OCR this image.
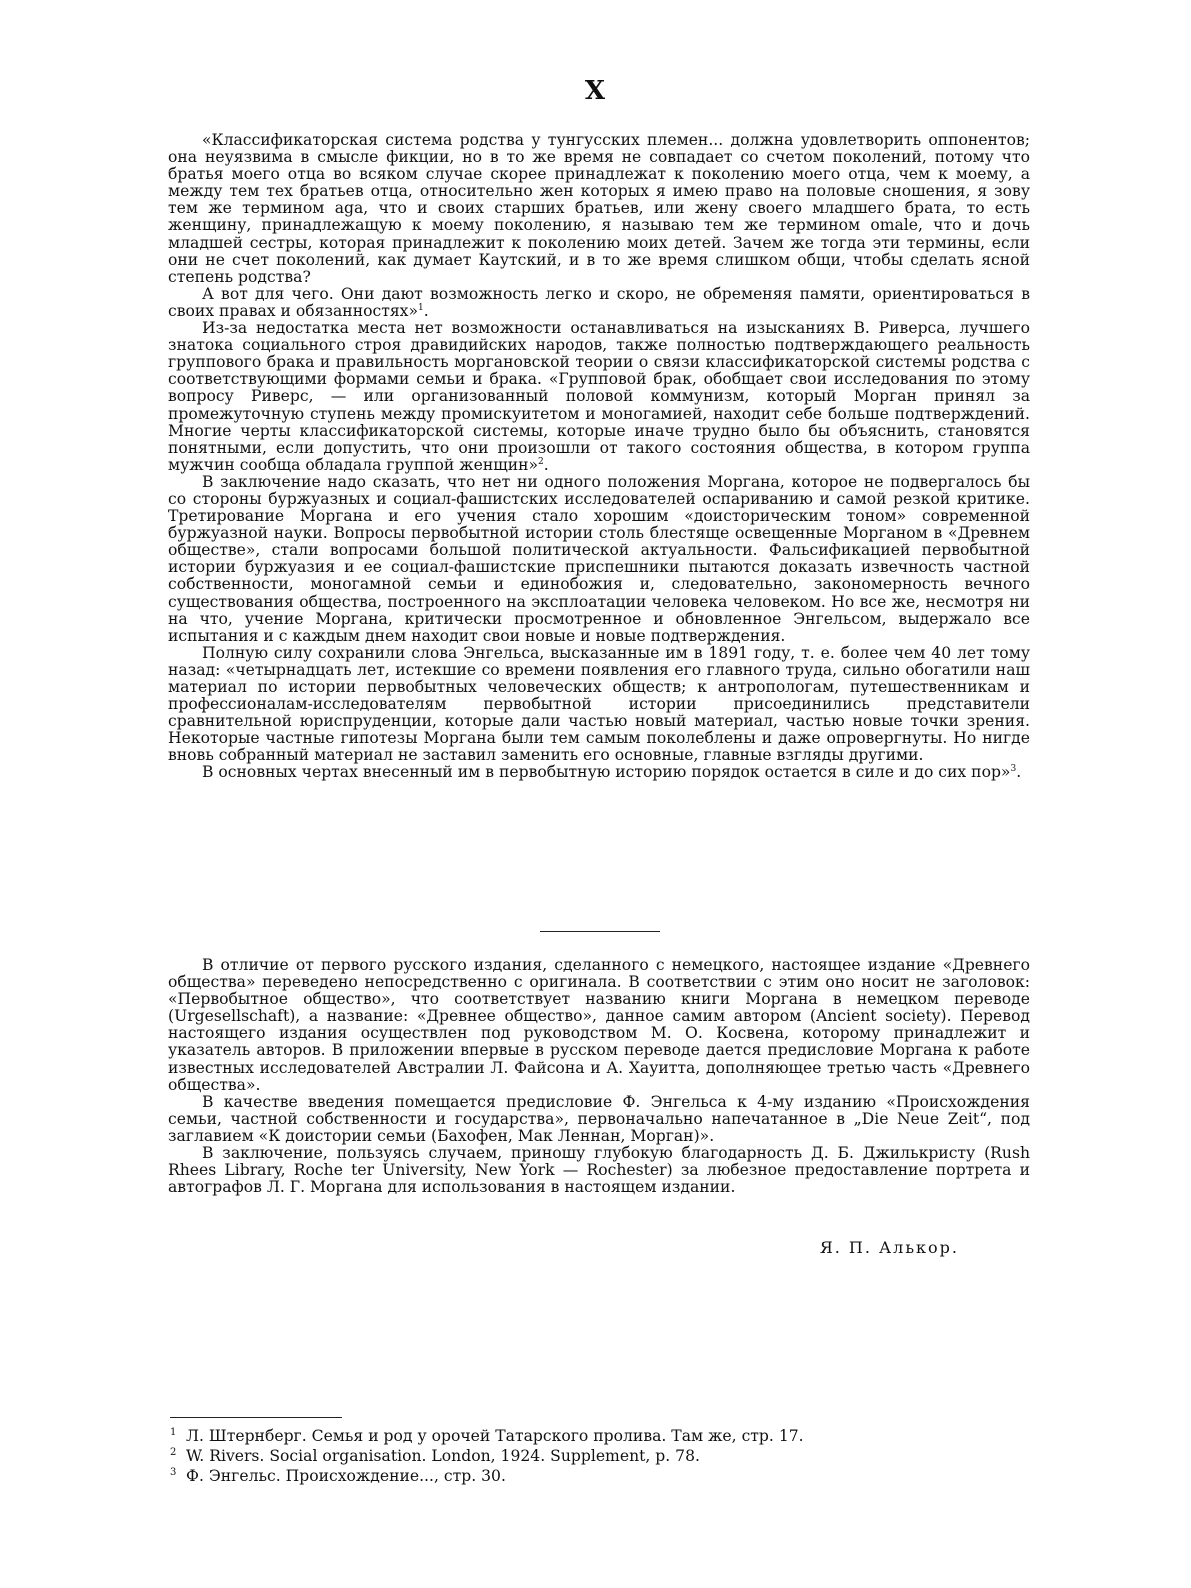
X

«Классификаторская система родства у тунгусских племен... должна удовлетворить оппонентов; она неуязвима в смысле фикции, но в то же время не совпадает со счетом поколений, потому что братья моего отца во всяком случае скорее принадлежат к поколению моего отца, чем к моему, а между тем тех братьев отца, относительно жен которых я имею право на половые сношения, я зову тем же термином aga, что и своих старших братьев, или жену своего младшего брата, то есть женщину, принадлежащую к моему поколению, я называю тем же термином omale, что и дочь младшей сестры, которая принадлежит к поколению моих детей. Зачем же тогда эти термины, если они не счет поколений, как думает Каутский, и в то же время слишком общи, чтобы сделать ясной степень родства?

А вот для чего. Они дают возможность легко и скоро, не обременяя памяти, ориентироваться в своих правах и обязанностях»$^1$.

Из-за недостатка места нет возможности останавливаться на изысканиях В. Риверса, лучшего знатока социального строя дравидийских народов, также полностью подтверждающего реальность группового брака и правильность моргановской теории о связи классификаторской системы родства с соответствующими формами семьи и брака. «Групповой брак, обобщает свои исследования по этому вопросу Риверс, — или организованный половой коммунизм, который Морган принял за промежуточную ступень между промискуитетом и моногамией, находит себе больше подтверждений. Многие черты классификаторской системы, которые иначе трудно было бы объяснить, становятся понятными, если допустить, что они произошли от такого состояния общества, в котором группа мужчин сообща обладала группой женщин»$^2$.

В заключение надо сказать, что нет ни одного положения Моргана, которое не подвергалось бы со стороны буржуазных и социал-фашистских исследователей оспариванию и самой резкой критике. Третирование Моргана и его учения стало хорошим «доисторическим тоном» современной буржуазной науки. Вопросы первобытной истории столь блестяще освещенные Морганом в «Древнем обществе», стали вопросами большой политической актуальности. Фальсификацией первобытной истории буржуазия и ее социал-фашистские приспешники пытаются доказать извечность частной собственности, моногамной семьи и единобожия и, следовательно, закономерность вечного существования общества, построенного на эксплоатации человека человеком. Но все же, несмотря ни на что, учение Моргана, критически просмотренное и обновленное Энгельсом, выдержало все испытания и с каждым днем находит свои новые и новые подтверждения.

Полную силу сохранили слова Энгельса, высказанные им в 1891 году, т. е. более чем 40 лет тому назад: «четырнадцать лет, истекшие со времени появления его главного труда, сильно обогатили наш материал по истории первобытных человеческих обществ; к антропологам, путешественникам и профессионалам-исследователям первобытной истории присоединились представители сравнительной юриспруденции, которые дали частью новый материал, частью новые точки зрения. Некоторые частные гипотезы Моргана были тем самым поколеблены и даже опровергнуты. Но нигде вновь собранный материал не заставил заменить его основные, главные взгляды другими.

В основных чертах внесенный им в первобытную историю порядок остается в силе и до сих пор»$^3$.

В отличие от первого русского издания, сделанного с немецкого, настоящее издание «Древнего общества» переведено непосредственно с оригинала. В соответствии с этим оно носит не заголовок: «Первобытное общество», что соответствует названию книги Моргана в немецком переводе (Urgesellschaft), а название: «Древнее общество», данное самим автором (Ancient society). Перевод настоящего издания осуществлен под руководством М. О. Косвена, которому принадлежит и указатель авторов. В приложении впервые в русском переводе дается предисловие Моргана к работе известных исследователей Австралии Л. Файсона и А. Хауитта, дополняющее третью часть «Древнего общества».

В качестве введения помещается предисловие Ф. Энгельса к 4-му изданию «Происхождения семьи, частной собственности и государства», первоначально напечатанное в „Die Neue Zeit“, под заглавием «К доистории семьи (Бахофен, Мак Леннан, Морган)».

В заключение, пользуясь случаем, приношу глубокую благодарность Д. Б. Джилькристу (Rush Rhees Library, Roche ter University, New York — Rochester) за любезное предоставление портрета и автографов Л. Г. Моргана для использования в настоящем издании.

Я. П. Алькор.

1 Л. Штернберг. Семья и род у орочей Татарского пролива. Там же, стр. 17.

2 W. Rivers. Social organisation. London, 1924. Supplement, p. 78.

3 Ф. Энгельс. Происхождение..., стр. 30.
